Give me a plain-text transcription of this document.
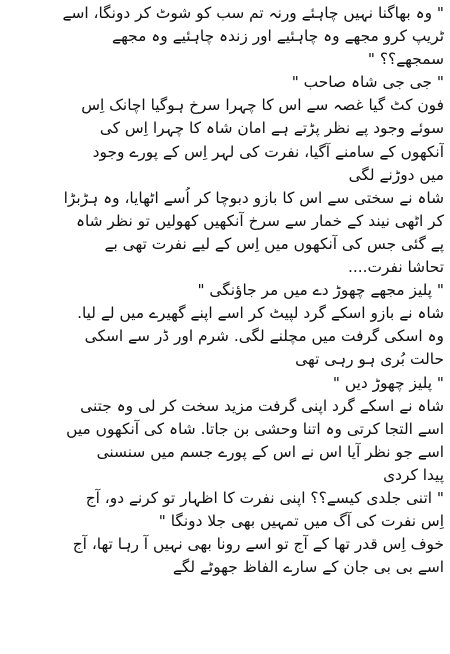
" وہ بھاگنا نہیں چاہئے ورنہ تم سب کو شوٹ کر دونگا، اسے
ٹریپ کرو مجھے وہ چاہئیے اور زندہ چاہئیے وہ مجھے
سمجھے؟؟ "
" جی جی شاہ صاحب "
فون کٹ گیا غصہ سے اس کا چہرا سرخ ہوگیا اچانک اِس
سوئے وجود پے نظر پڑتے ہے امان شاہ کا چہرا اِس کی
آنکھوں کے سامنے آگیا، نفرت کی لہر اِس کے پورے وجود
میں دوڑنے لگی
شاہ نے سختی سے اس کا بازو دبوچا کر اُسے اٹھایا، وہ ہڑبڑا
کر اٹھی نیند کے خمار سے سرخ آنکھیں کھولیں تو نظر شاہ
پے گئی جس کی آنکھوں میں اِس کے لیے نفرت تھی بے
تحاشا نفرت....
" پلیز مجھے چھوڑ دے میں مر جاؤنگی "
شاہ نے بازو اسکے گرد لپیٹ کر اسے اپنے گھیرے میں لے لیا.
وہ اسکی گرفت میں مچلنے لگی. شرم اور ڈر سے اسکی
حالت بُری ہو رہی تھی
" پلیز چھوڑ دیں "
شاہ نے اسکے گرد اپنی گرفت مزید سخت کر لی وہ جتنی
اسے التجا کرتی وہ اتنا وحشی بن جاتا. شاہ کی آنکھوں میں
اسے جو نظر آیا اس نے اس کے پورے جسم میں سنسنی
پیدا کردی
" اتنی جلدی کیسے؟؟ اپنی نفرت کا اظہار تو کرنے دو، آج
اِس نفرت کی آگ میں تمہیں بھی جلا دونگا "
خوف اِس قدر تھا کے آج تو اسے رونا بھی نہیں آ رہا تھا، آج
اسے بی بی جان کے سارے الفاظ جھوٹے لگے
